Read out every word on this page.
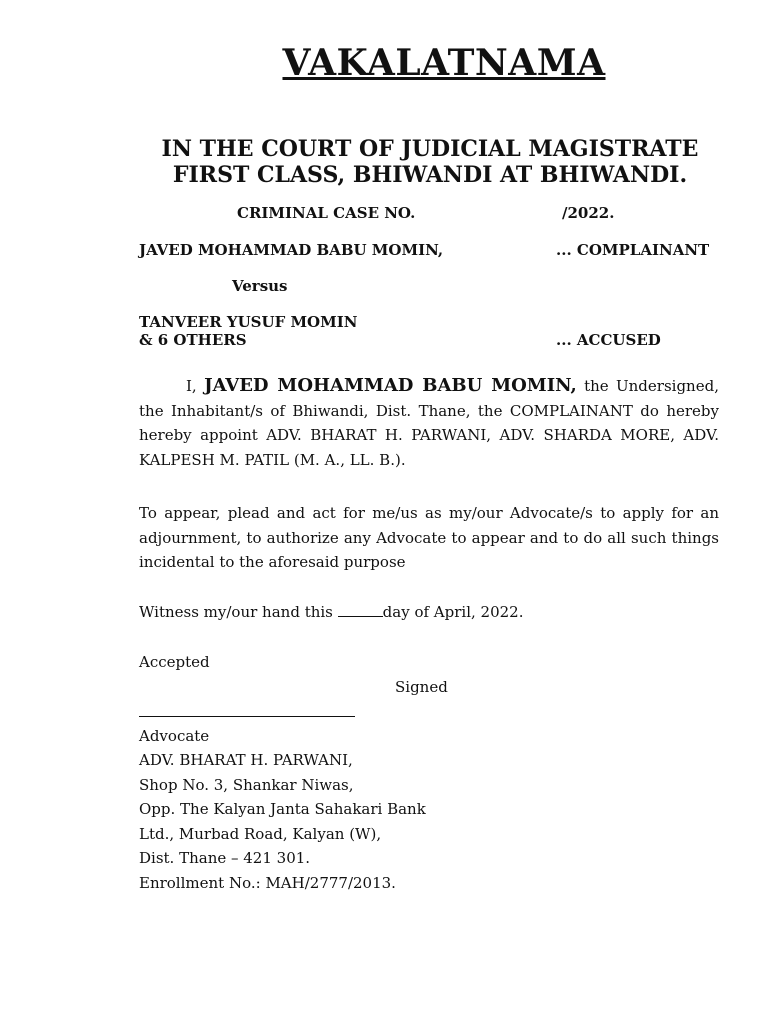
VAKALATNAMA
IN THE COURT OF JUDICIAL MAGISTRATE
FIRST CLASS, BHIWANDI AT BHIWANDI.
CRIMINAL CASE NO.	/2022.
JAVED MOHAMMAD BABU MOMIN,	... COMPLAINANT
Versus
TANVEER YUSUF MOMIN
& 6 OTHERS	... ACCUSED
I, JAVED MOHAMMAD BABU MOMIN, the Undersigned, the Inhabitant/s of Bhiwandi, Dist. Thane, the COMPLAINANT do hereby hereby appoint ADV. BHARAT H. PARWANI, ADV. SHARDA MORE, ADV. KALPESH M. PATIL (M. A., LL. B.).
To appear, plead and act for me/us as my/our Advocate/s to apply for an adjournment, to authorize any Advocate to appear and to do all such things incidental to the aforesaid purpose
Witness my/our hand this	day of April, 2022.
Accepted
Signed
Advocate
ADV. BHARAT H. PARWANI,
Shop No. 3, Shankar Niwas,
Opp. The Kalyan Janta Sahakari Bank
Ltd., Murbad Road, Kalyan (W),
Dist. Thane – 421 301.
Enrollment No.: MAH/2777/2013.
